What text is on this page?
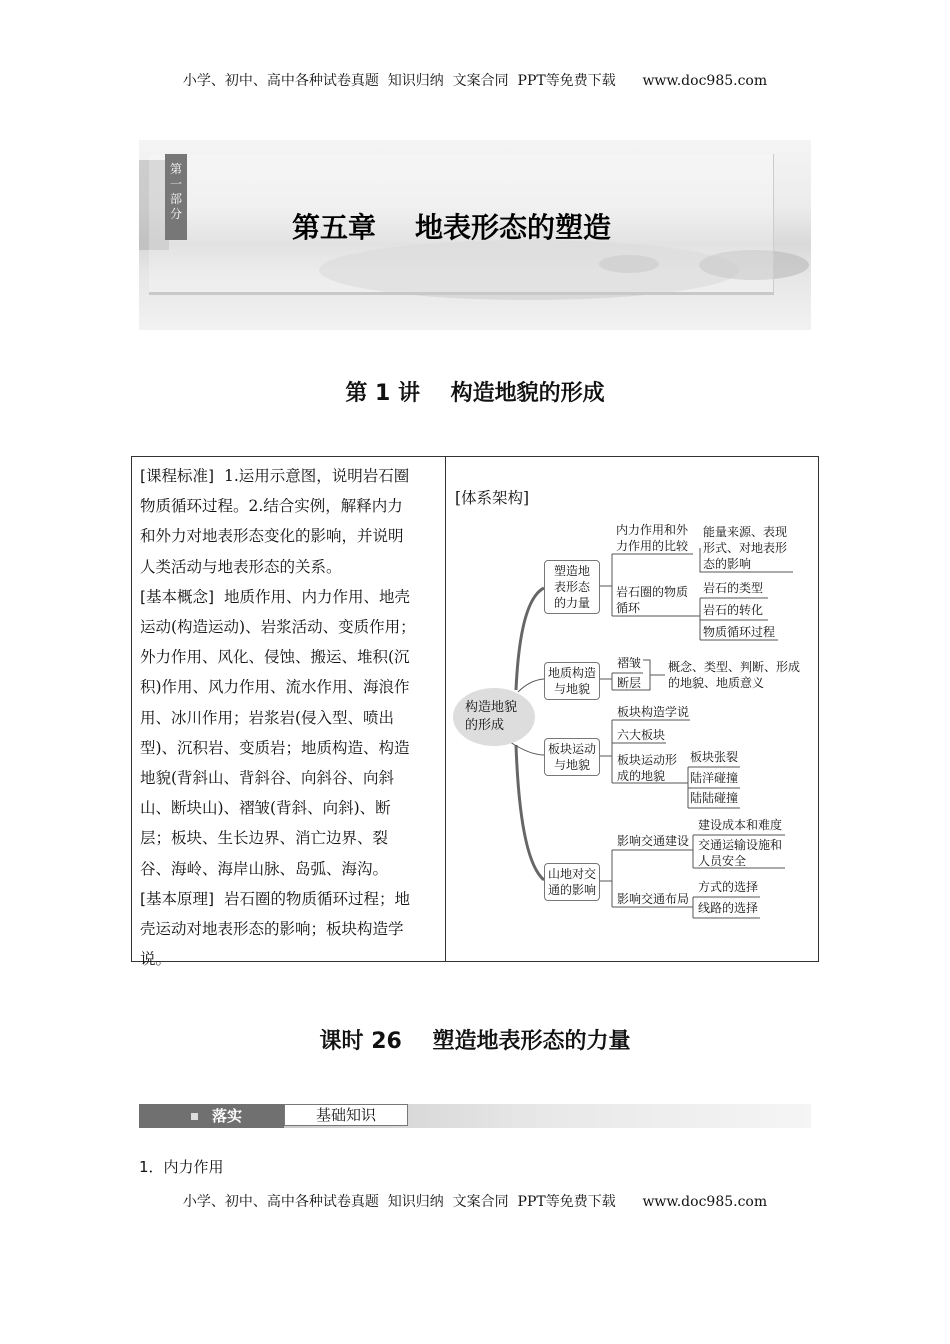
小学、初中、高中各种试卷真题  知识归纳  文案合同  PPT等免费下载      www.doc985.com
第一部分	第五章    地表形态的塑造
第 1 讲    构造地貌的形成
[课程标准]  1.运用示意图，说明岩石圈
物质循环过程。2.结合实例，解释内力
和外力对地表形态变化的影响，并说明
人类活动与地表形态的关系。
[基本概念]  地质作用、内力作用、地壳
运动(构造运动)、岩浆活动、变质作用；
外力作用、风化、侵蚀、搬运、堆积(沉
积)作用、风力作用、流水作用、海浪作
用、冰川作用；岩浆岩(侵入型、喷出
型)、沉积岩、变质岩；地质构造、构造
地貌(背斜山、背斜谷、向斜谷、向斜
山、断块山)、褶皱(背斜、向斜)、断
层；板块、生长边界、消亡边界、裂
谷、海岭、海岸山脉、岛弧、海沟。
[基本原理]  岩石圈的物质循环过程；地
壳运动对地表形态的影响；板块构造学
说。
[体系架构]
构造地貌
的形成
塑造地
表形态
的力量
内力作用和外
力作用的比较
岩石圈的物质
循环
能量来源、表现
形式、对地表形
态的影响
岩石的类型
岩石的转化
物质循环过程
地质构造
与地貌
褶皱
断层
概念、类型、判断、形成
的地貌、地质意义
板块运动
与地貌
板块构造学说
六大板块
板块运动形
成的地貌
板块张裂
陆洋碰撞
陆陆碰撞
山地对交
通的影响
影响交通建设
影响交通布局
建设成本和难度
交通运输设施和
人员安全
方式的选择
线路的选择
课时 26    塑造地表形态的力量
落实	基础知识
1．内力作用
小学、初中、高中各种试卷真题  知识归纳  文案合同  PPT等免费下载      www.doc985.com
